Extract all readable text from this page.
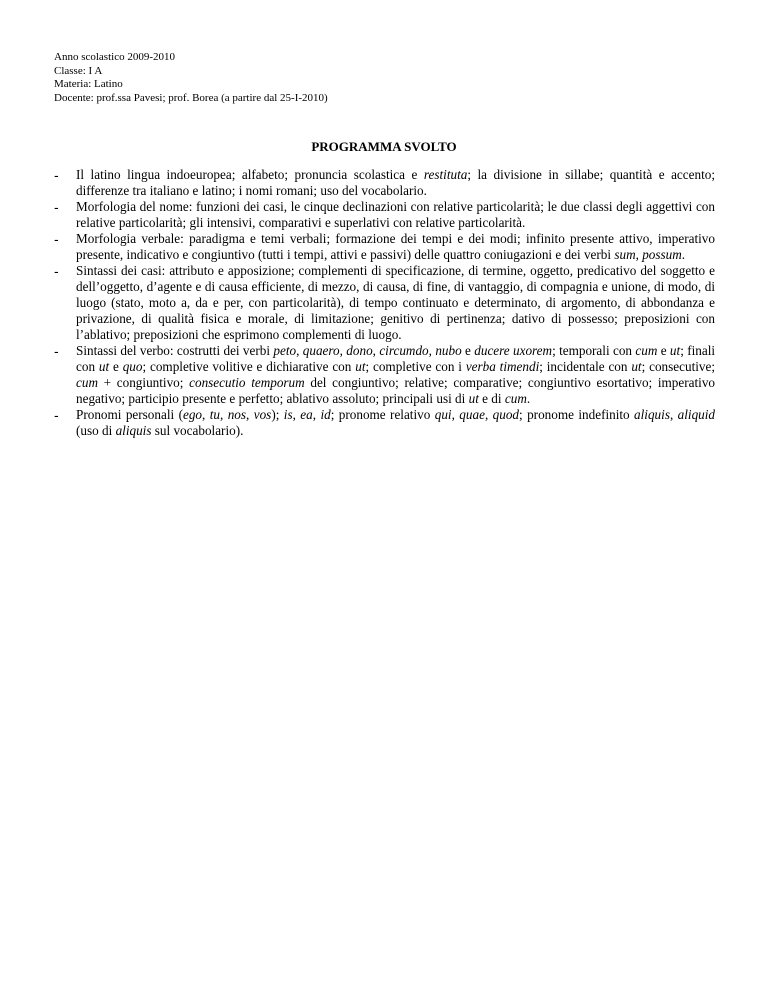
Anno scolastico 2009-2010
Classe: I A
Materia: Latino
Docente: prof.ssa Pavesi; prof. Borea (a partire dal 25-I-2010)
PROGRAMMA SVOLTO
- Il latino lingua indoeuropea; alfabeto; pronuncia scolastica e restituta; la divisione in sillabe; quantità e accento; differenze tra italiano e latino; i nomi romani; uso del vocabolario.
- Morfologia del nome: funzioni dei casi, le cinque declinazioni con relative particolarità; le due classi degli aggettivi con relative particolarità; gli intensivi, comparativi e superlativi con relative particolarità.
- Morfologia verbale: paradigma e temi verbali; formazione dei tempi e dei modi; infinito presente attivo, imperativo presente, indicativo e congiuntivo (tutti i tempi, attivi e passivi) delle quattro coniugazioni e dei verbi sum, possum.
- Sintassi dei casi: attributo e apposizione; complementi di specificazione, di termine, oggetto, predicativo del soggetto e dell’oggetto, d’agente e di causa efficiente, di mezzo, di causa, di fine, di vantaggio, di compagnia e unione, di modo, di luogo (stato, moto a, da e per, con particolarità), di tempo continuato e determinato, di argomento, di abbondanza e privazione, di qualità fisica e morale, di limitazione; genitivo di pertinenza; dativo di possesso; preposizioni con l’ablativo; preposizioni che esprimono complementi di luogo.
- Sintassi del verbo: costrutti dei verbi peto, quaero, dono, circumdo, nubo e ducere uxorem; temporali con cum e ut; finali con ut e quo; completive volitive e dichiarative con ut; completive con i verba timendi; incidentale con ut; consecutive; cum + congiuntivo; consecutio temporum del congiuntivo; relative; comparative; congiuntivo esortativo; imperativo negativo; participio presente e perfetto; ablativo assoluto; principali usi di ut e di cum.
- Pronomi personali (ego, tu, nos, vos); is, ea, id; pronome relativo qui, quae, quod; pronome indefinito aliquis, aliquid (uso di aliquis sul vocabolario).
